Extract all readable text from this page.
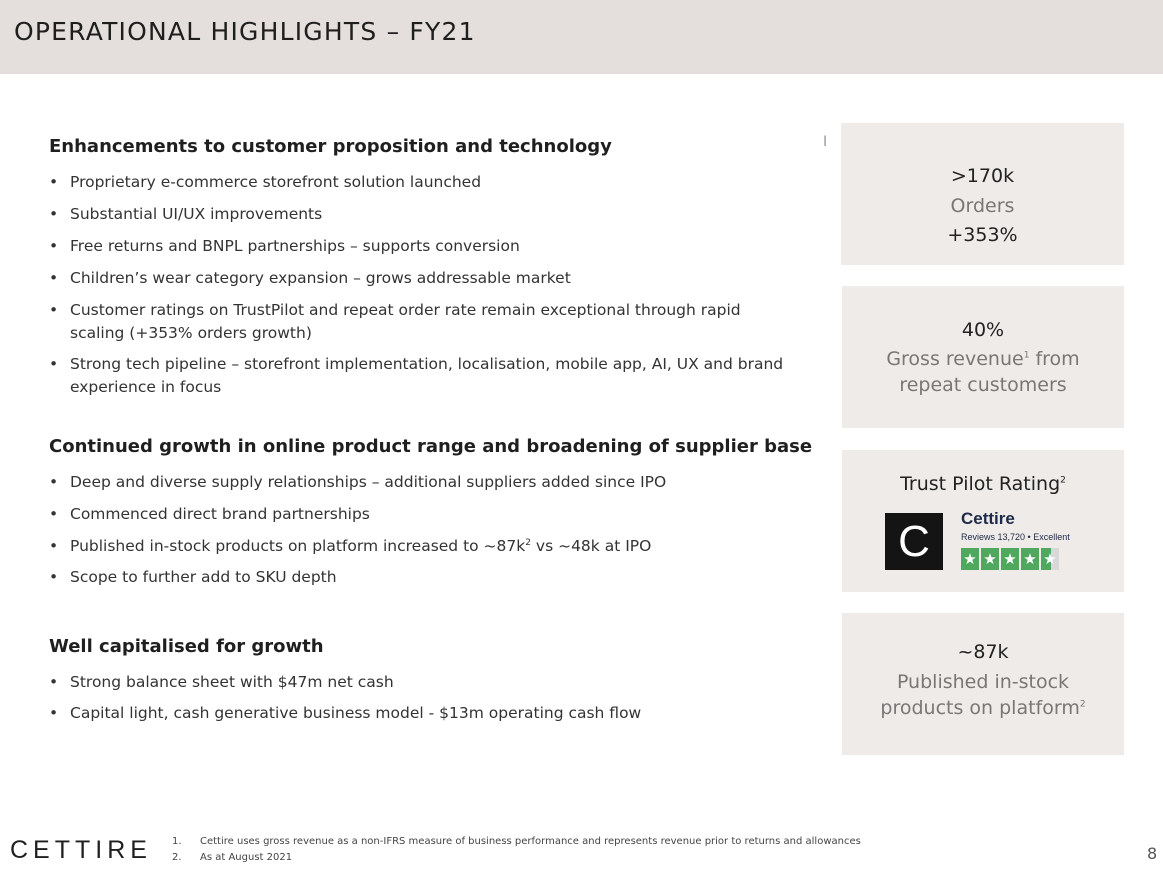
OPERATIONAL HIGHLIGHTS – FY21
I
Enhancements to customer proposition and technology
• Proprietary e-commerce storefront solution launched
• Substantial UI/UX improvements
• Free returns and BNPL partnerships – supports conversion
• Children’s wear category expansion – grows addressable market
• Customer ratings on TrustPilot and repeat order rate remain exceptional through rapid scaling (+353% orders growth)
• Strong tech pipeline – storefront implementation, localisation, mobile app, AI, UX and brand experience in focus
Continued growth in online product range and broadening of supplier base
• Deep and diverse supply relationships – additional suppliers added since IPO
• Commenced direct brand partnerships
• Published in-stock products on platform increased to $\sim 87k^2$ vs ~48k at IPO
• Scope to further add to SKU depth
Well capitalised for growth
• Strong balance sheet with $47m net cash
• Capital light, cash generative business model - $13m operating cash flow
>170k
Orders
+353%
40%
Gross revenue$^1$ from
repeat customers
Trust Pilot Rating$^2$
C	Cettire
Reviews 13,720 • Excellent
★ ★ ★ ★ ★
~87k
Published in-stock
products on platform$^2$
CETTIRE 1. Cettire uses gross revenue as a non-IFRS measure of business performance and represents revenue prior to returns and allowances
2. As at August 2021	8
